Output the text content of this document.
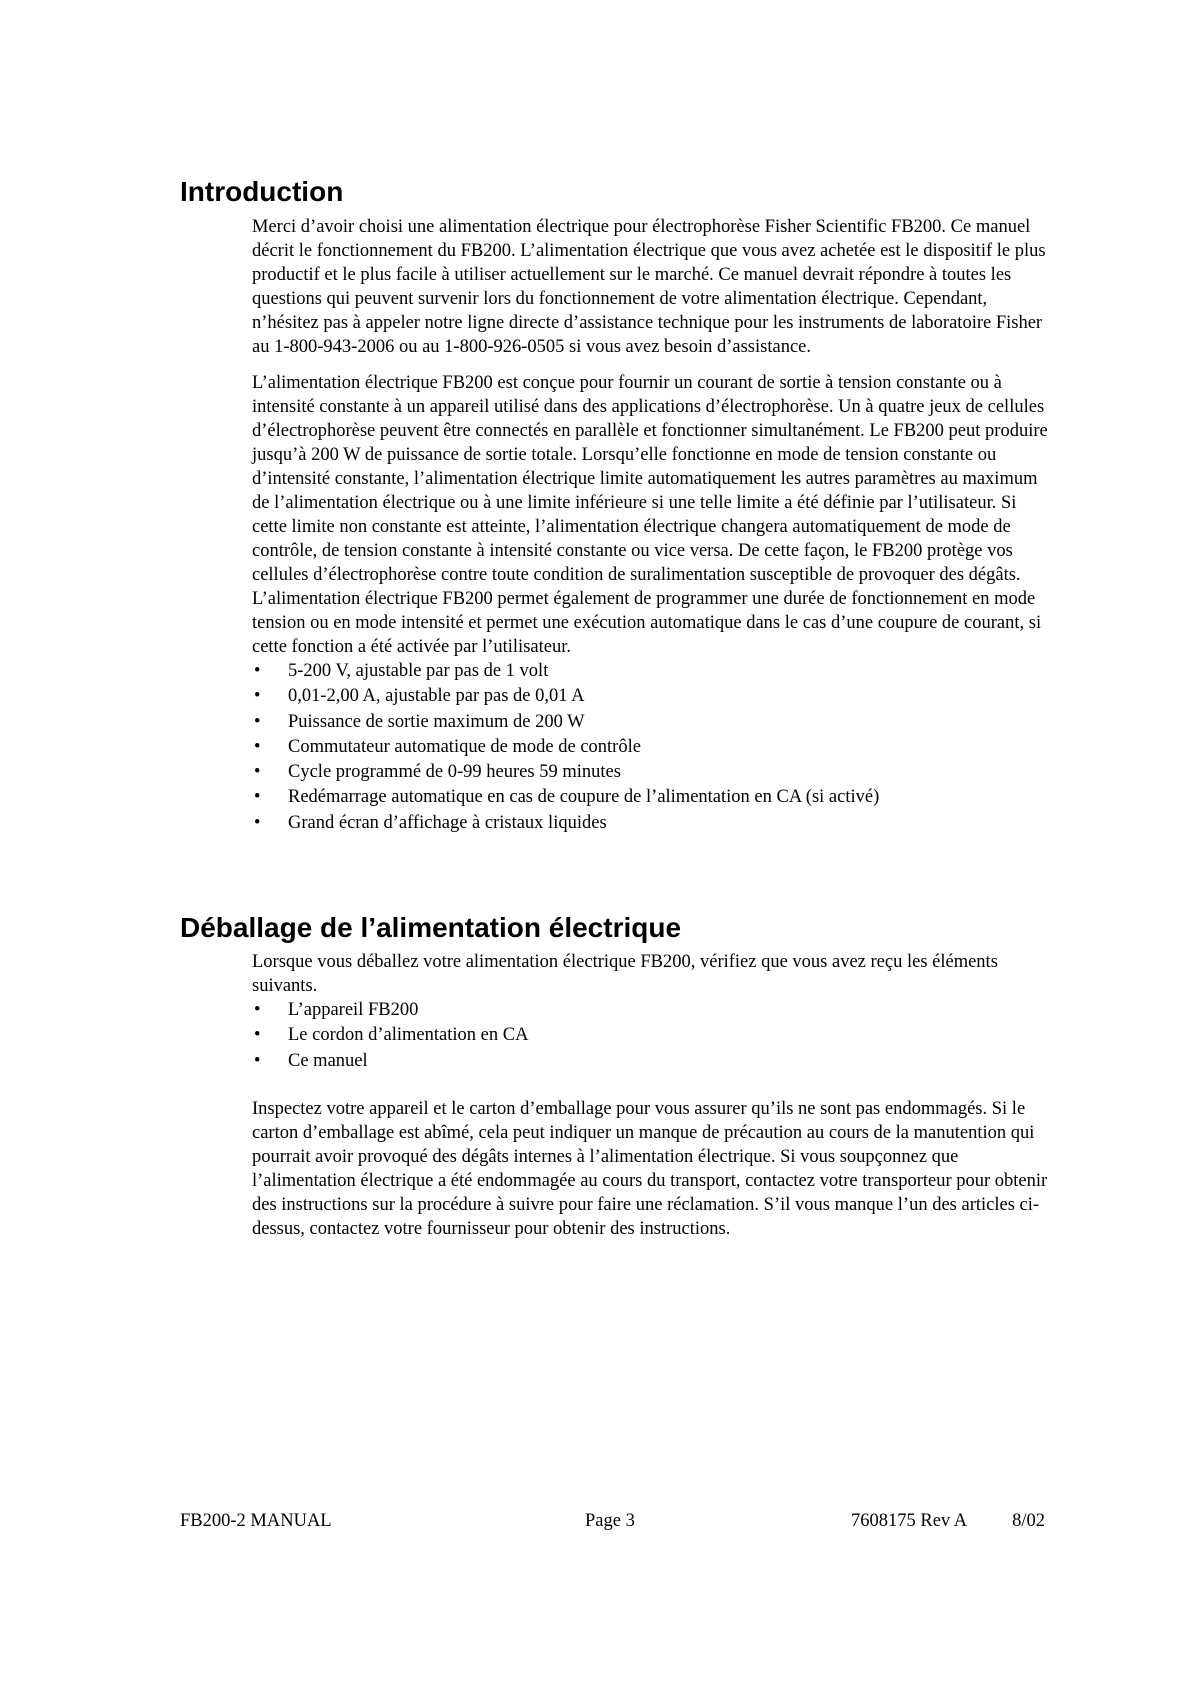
Introduction

Merci d’avoir choisi une alimentation électrique pour électrophorèse Fisher Scientific FB200. Ce manuel décrit le fonctionnement du FB200. L’alimentation électrique que vous avez achetée est le dispositif le plus productif et le plus facile à utiliser actuellement sur le marché. Ce manuel devrait répondre à toutes les questions qui peuvent survenir lors du fonctionnement de votre alimentation électrique. Cependant, n’hésitez pas à appeler notre ligne directe d’assistance technique pour les instruments de laboratoire Fisher au 1-800-943-2006 ou au 1-800-926-0505 si vous avez besoin d’assistance.

L’alimentation électrique FB200 est conçue pour fournir un courant de sortie à tension constante ou à intensité constante à un appareil utilisé dans des applications d’électrophorèse. Un à quatre jeux de cellules d’électrophorèse peuvent être connectés en parallèle et fonctionner simultanément. Le FB200 peut produire jusqu’à 200 W de puissance de sortie totale. Lorsqu’elle fonctionne en mode de tension constante ou d’intensité constante, l’alimentation électrique limite automatiquement les autres paramètres au maximum de l’alimentation électrique ou à une limite inférieure si une telle limite a été définie par l’utilisateur. Si cette limite non constante est atteinte, l’alimentation électrique changera automatiquement de mode de contrôle, de tension constante à intensité constante ou vice versa. De cette façon, le FB200 protège vos cellules d’électrophorèse contre toute condition de suralimentation susceptible de provoquer des dégâts. L’alimentation électrique FB200 permet également de programmer une durée de fonctionnement en mode tension ou en mode intensité et permet une exécution automatique dans le cas d’une coupure de courant, si cette fonction a été activée par l’utilisateur.

• 5-200 V, ajustable par pas de 1 volt
• 0,01-2,00 A, ajustable par pas de 0,01 A
• Puissance de sortie maximum de 200 W
• Commutateur automatique de mode de contrôle
• Cycle programmé de 0-99 heures 59 minutes
• Redémarrage automatique en cas de coupure de l’alimentation en CA (si activé)
• Grand écran d’affichage à cristaux liquides
Déballage de l’alimentation électrique

Lorsque vous déballez votre alimentation électrique FB200, vérifiez que vous avez reçu les éléments suivants.

• L’appareil FB200
• Le cordon d’alimentation en CA
• Ce manuel

Inspectez votre appareil et le carton d’emballage pour vous assurer qu’ils ne sont pas endommagés. Si le carton d’emballage est abîmé, cela peut indiquer un manque de précaution au cours de la manutention qui pourrait avoir provoqué des dégâts internes à l’alimentation électrique. Si vous soupçonnez que l’alimentation électrique a été endommagée au cours du transport, contactez votre transporteur pour obtenir des instructions sur la procédure à suivre pour faire une réclamation. S’il vous manque l’un des articles ci-dessus, contactez votre fournisseur pour obtenir des instructions.

FB200-2 MANUAL	Page 3	7608175 Rev A 8/02
